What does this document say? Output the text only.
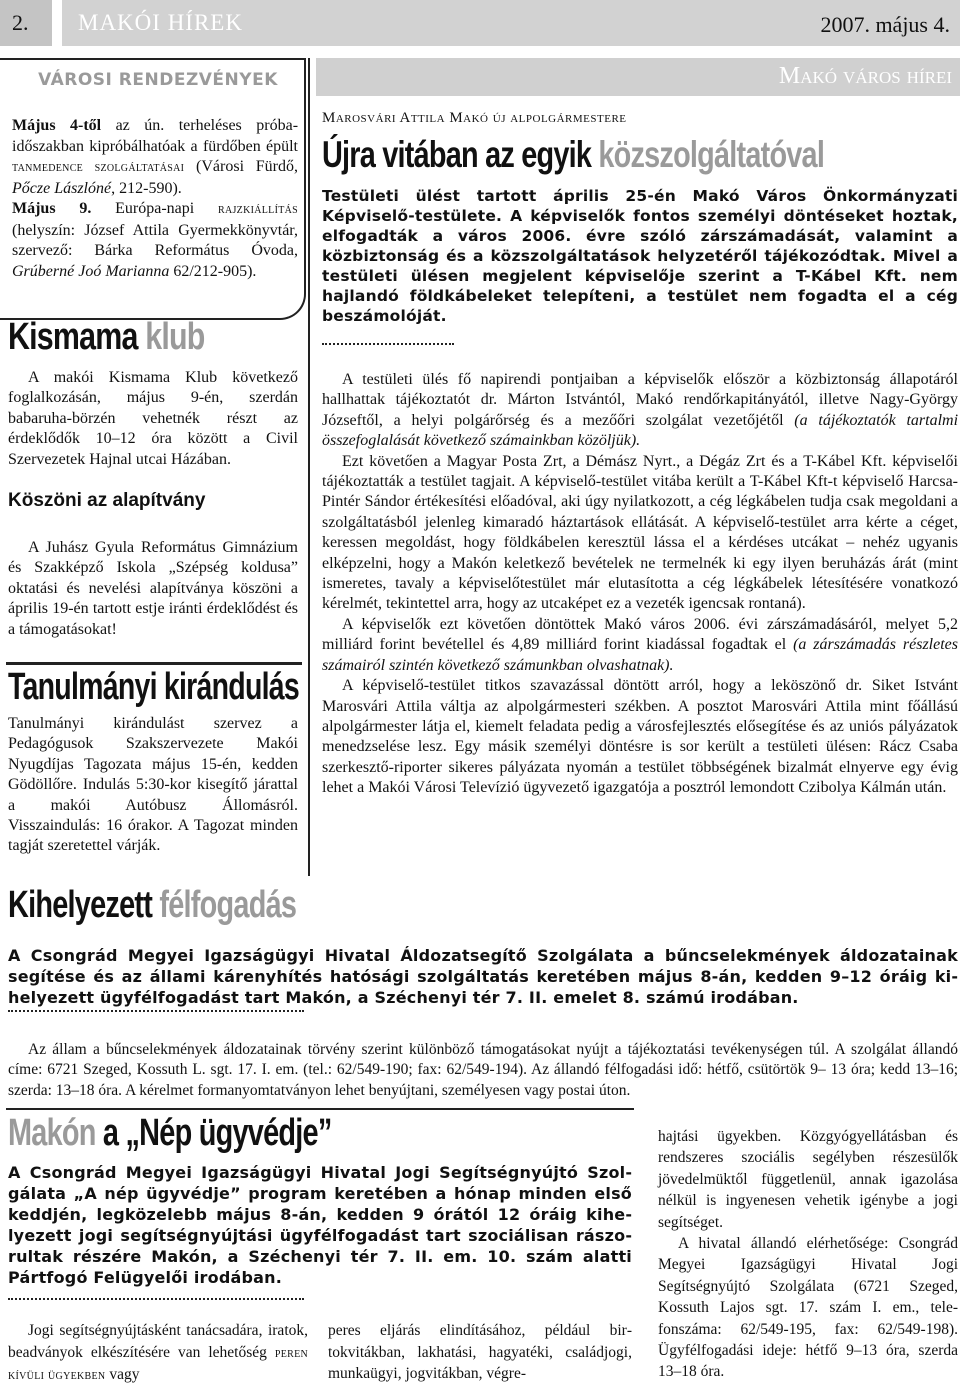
2.	MAKÓI HÍREK	2007. május 4.
VÁROSI RENDEZVÉNYEK
Május 4-től az ún. terheléses próbaidőszakban kipróbálhatóak a fürdőben épült tanmedence szolgáltatásai (Városi Fürdő, Pőcze Lászlóné, 212-590).
Május 9. Európa-napi rajzkiállítás (helyszín: József Attila Gyermekkönyvtár, szervező: Bárka Református Óvoda, Grúberné Joó Marianna 62/212-905).
Makó város hírei
Marosvári Attila Makó új alpolgármestere
Újra vitában az egyik közszolgáltatóval
Testületi ülést tartott április 25-én Makó Város Önkormányzati Képviselő-testülete. A képviselők fontos személyi döntéseket hoztak, elfogadták a város 2006. évre szóló zárszámadását, valamint a közbiztonság és a közszolgáltatások helyzetéről tájékozódtak. Mivel a testületi ülésen megjelent képviselője szerint a T-Kábel Kft. nem hajlandó földkábeleket telepíteni, a testület nem fogadta el a cég beszámolóját.

A testületi ülés fő napirendi pontjaiban a képviselők először a közbiztonság állapotáról hallhattak tájékoztatót dr. Márton Istvántól, Makó rendőrkapitányától, illetve Nagy-György Józseftől, a helyi polgárőrség és a mezőőri szolgálat vezetőjétől (a tájékoztatók tartalmi összefoglalását következő számainkban közöljük).

Ezt követően a Magyar Posta Zrt, a Démász Nyrt., a Dégáz Zrt és a T-Kábel Kft. képviselői tájékoztatták a testület tagjait. A képviselő-testület vitába került a T-Kábel Kft-t képviselő Harcsa-Pintér Sándor értékesítési előadóval, aki úgy nyilatkozott, a cég légkábelen tudja csak megoldani a szolgáltatásból jelenleg kimaradó háztartások ellátását. A képviselő-testület arra kérte a céget, keressen megoldást, hogy földkábelen keresztül lássa el a kérdéses utcákat – nehéz ugyanis elképzelni, hogy a Makón keletkező bevételek ne termelnék ki egy ilyen beruházás árát (mint ismeretes, tavaly a képviselőtestület már elutasította a cég légkábelek létesítésére vonatkozó kérelmét, tekintettel arra, hogy az utcaképet ez a vezeték igencsak rontaná).

A képviselők ezt követően döntöttek Makó város 2006. évi zárszámadásáról, melyet 5,2 milliárd forint bevétellel és 4,89 milliárd forint kiadással fogadtak el (a zárszámadás részletes számairól szintén következő számunkban olvashatnak).

A képviselő-testület titkos szavazással döntött arról, hogy a leköszönő dr. Siket Istvánt Marosvári Attila váltja az alpolgármesteri székben. A posztot Marosvári Attila mint főállású alpolgármester látja el, kiemelt feladata pedig a városfejlesztés elősegítése és az uniós pályázatok menedzselése lesz. Egy másik személyi döntésre is sor került a testületi ülésen: Rácz Csaba szerkesztő-riporter sikeres pályázata nyomán a testület többségének bizalmát elnyerve egy évig lehet a Makói Városi Televízió ügyvezető igazgatója a posztról lemondott Czibolya Kálmán után.

Kismama klub

A makói Kismama Klub következő foglalkozásán, május 9-én, szerdán babaruha-börzén vehetnék részt az érdeklődők 10–12 óra között a Civil Szervezetek Hajnal utcai Házában.

Köszöni az alapítvány

A Juhász Gyula Református Gimnázium és Szakképző Iskola „Szépség koldusa” oktatási és nevelési alapítványa köszöni a április 19-én tartott estje iránti érdeklődést és a támogatásokat!

Tanulmányi kirándulás

Tanulmányi kirándulást szervez a Pedagógusok Szakszervezete Makói Nyugdíjas Tagozata május 15-én, kedden Gödöllőre. Indulás 5:30-kor kisegítő járattal a makói Autóbusz Állomásról. Visszaindulás: 16 órakor. A Tagozat minden tagját szeretettel várják.

Kihelyezett félfogadás
A Csongrád Megyei Igazságügyi Hivatal Áldozatsegítő Szolgálata a bűncselekmények áldozatainak segítése és az állami kárenyhítés hatósági szolgáltatás keretében május 8-án, kedden 9–12 óráig kihelyezett ügyfélfogadást tart Makón, a Széchenyi tér 7. II. emelet 8. számú irodában.
Az állam a bűncselekmények áldozatainak törvény szerint különböző támogatásokat nyújt a tájékoztatási tevékenységen túl. A szolgálat állandó címe: 6721 Szeged, Kossuth L. sgt. 17. I. em. (tel.: 62/549-190; fax: 62/549-194). Az állandó félfogadási idő: hétfő, csütörtök 9– 13 óra; kedd 13–16; szerda: 13–18 óra. A kérelmet formanyomtatványon lehet benyújtani, személyesen vagy postai úton.
Makón a „Nép ügyvédje”
A Csongrád Megyei Igazságügyi Hivatal Jogi Segítségnyújtó Szolgálata „A nép ügyvédje” program keretében a hónap minden első keddjén, legközelebb május 8-án, kedden 9 órától 12 óráig kihelyezett jogi segítségnyújtási ügyfélfogadást tart szociálisan rászorultak részére Makón, a Széchenyi tér 7. II. em. 10. szám alatti Pártfogó Felügyelői irodában.
Jogi segítségnyújtásként tanácsadára, iratok, beadványok elkészítésére van lehetőség peren kívüli ügyekben vagy
peres eljárás elindításához, például birtokvitákban, lakhatási, hagyatéki, családjogi, munkaügyi, jogvitákban, végre-

hajtási ügyekben. Közgyógyellátásban és rendszeres szociális segélyben részesülők jövedelmüktől függetlenül, annak igazolása nélkül is ingyenesen vehetik igénybe a jogi segítséget.

A hivatal állandó elérhetősége: Csongrád Megyei Igazságügyi Hivatal Jogi Segítségnyújtó Szolgálata (6721 Szeged, Kossuth Lajos sgt. 17. szám I. em., telefonszáma: 62/549-195, fax: 62/549-198). Ügyfélfogadási ideje: hétfő 9–13 óra, szerda 13–18 óra.
